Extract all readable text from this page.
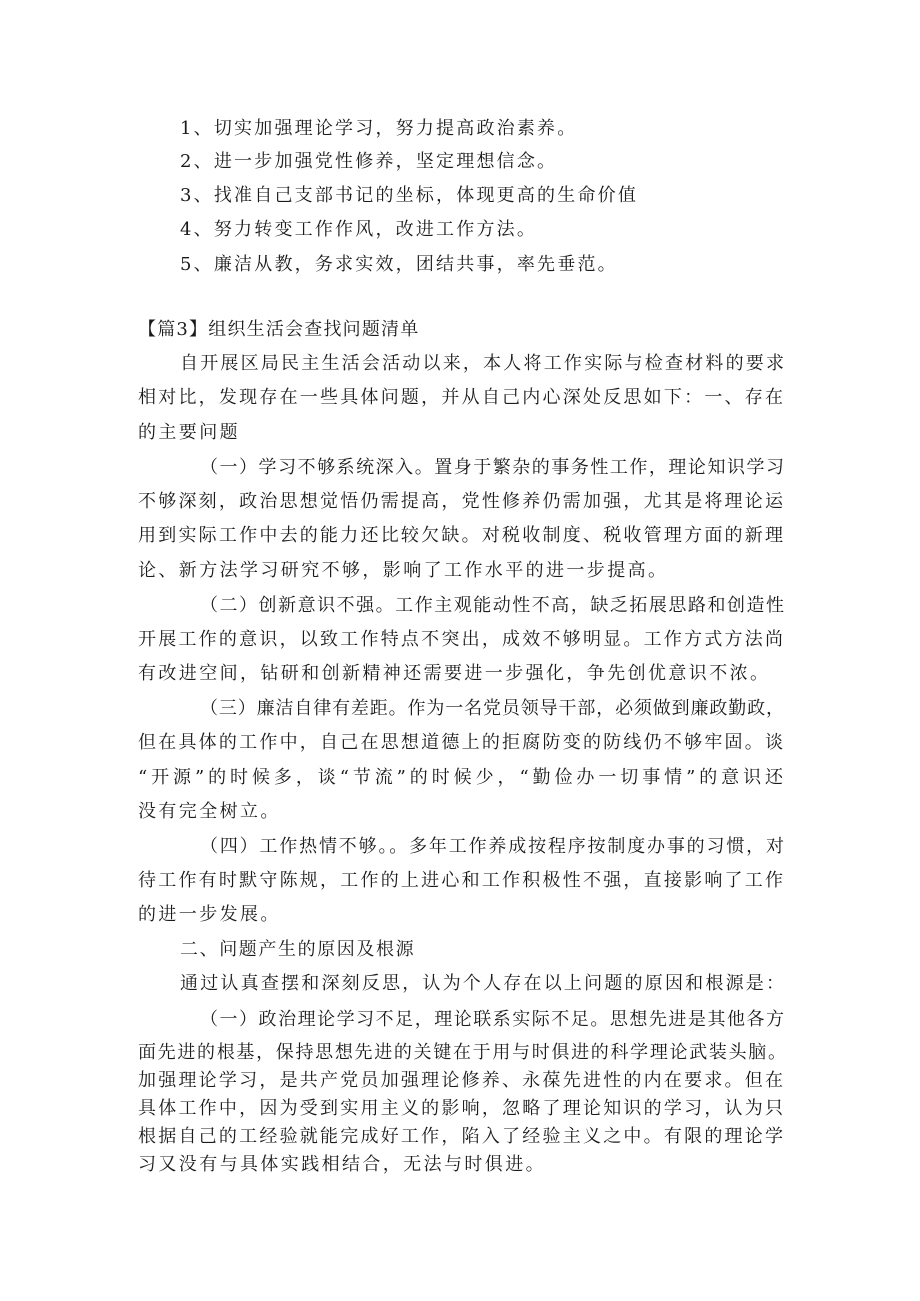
1、切实加强理论学习，努力提高政治素养。
2、进一步加强党性修养，坚定理想信念。
3、找准自己支部书记的坐标，体现更高的生命价值
4、努力转变工作作风，改进工作方法。
5、廉洁从教，务求实效，团结共事，率先垂范。
【篇3】组织生活会查找问题清单
自开展区局民主生活会活动以来，本人将工作实际与检查材料的要求
相对比，发现存在一些具体问题，并从自己内心深处反思如下：一、存在
的主要问题
（一）学习不够系统深入。置身于繁杂的事务性工作，理论知识学习
不够深刻，政治思想觉悟仍需提高，党性修养仍需加强，尤其是将理论运
用到实际工作中去的能力还比较欠缺。对税收制度、税收管理方面的新理
论、新方法学习研究不够，影响了工作水平的进一步提高。
（二）创新意识不强。工作主观能动性不高，缺乏拓展思路和创造性
开展工作的意识，以致工作特点不突出，成效不够明显。工作方式方法尚
有改进空间，钻研和创新精神还需要进一步强化，争先创优意识不浓。
（三）廉洁自律有差距。作为一名党员领导干部，必须做到廉政勤政，
但在具体的工作中，自己在思想道德上的拒腐防变的防线仍不够牢固。谈
“开源”的时候多，谈“节流”的时候少，“勤俭办一切事情”的意识还
没有完全树立。
（四）工作热情不够。。多年工作养成按程序按制度办事的习惯，对
待工作有时默守陈规，工作的上进心和工作积极性不强，直接影响了工作
的进一步发展。
二、问题产生的原因及根源
通过认真查摆和深刻反思，认为个人存在以上问题的原因和根源是：
（一）政治理论学习不足，理论联系实际不足。思想先进是其他各方
面先进的根基，保持思想先进的关键在于用与时俱进的科学理论武装头脑。
加强理论学习，是共产党员加强理论修养、永葆先进性的内在要求。但在
具体工作中，因为受到实用主义的影响，忽略了理论知识的学习，认为只
根据自己的工经验就能完成好工作，陷入了经验主义之中。有限的理论学
习又没有与具体实践相结合，无法与时俱进。
